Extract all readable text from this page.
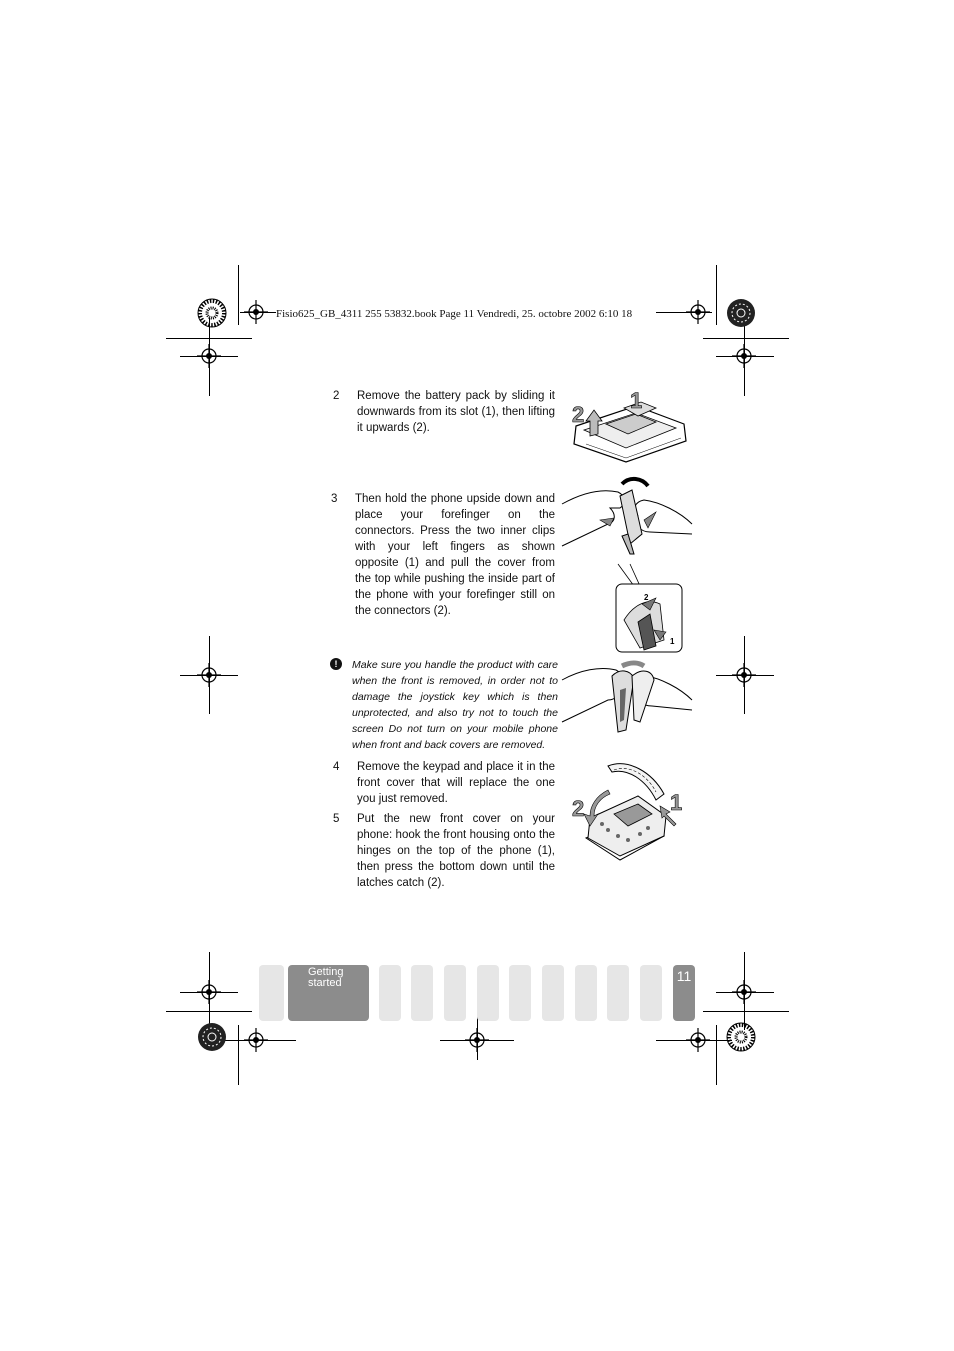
Fisio625_GB_4311 255 53832.book Page 11 Vendredi, 25. octobre 2002 6:10 18
2 Remove the battery pack by sliding it downwards from its slot (1), then lifting it upwards (2).
2
1
3 Then hold the phone upside down and place your forefinger on the connectors. Press the two inner clips with your left fingers as shown opposite (1) and pull the cover from the top while pushing the inside part of the phone with your forefinger still on the connectors (2).
2
1
!	Make sure you handle the product with care when the front is removed, in order not to damage the joystick key which is then unprotected, and also try not to touch the screen Do not turn on your mobile phone when front and back covers are removed.
4 Remove the keypad and place it in the front cover that will replace the one you just removed.
5 Put the new front cover on your phone: hook the front housing onto the hinges on the top of the phone (1), then press the bottom down until the latches catch (2).
2	1
Getting
started	11
